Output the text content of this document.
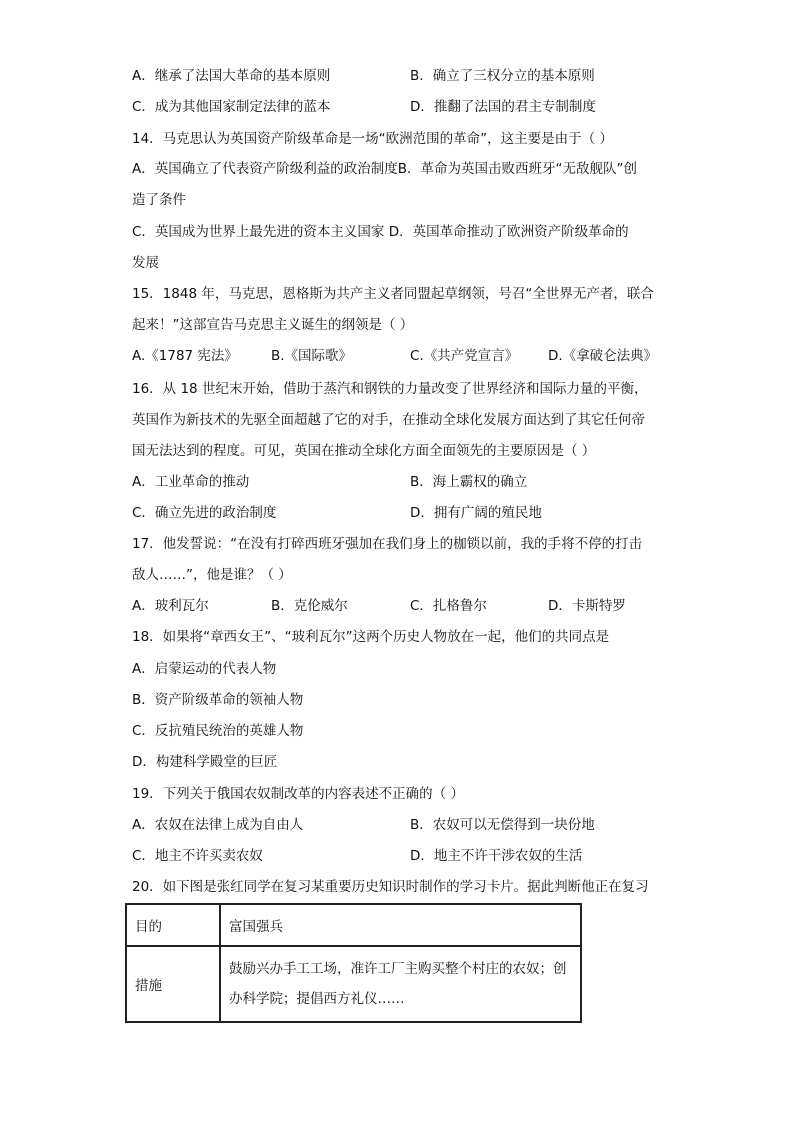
A．继承了法国大革命的基本原则	B．确立了三权分立的基本原则
C．成为其他国家制定法律的蓝本	D．推翻了法国的君主专制制度
14．马克思认为英国资产阶级革命是一场“欧洲范围的革命”，这主要是由于（ ）
A．英国确立了代表资产阶级利益的政治制度B．革命为英国击败西班牙“无敌舰队”创
造了条件
C．英国成为世界上最先进的资本主义国家 D．英国革命推动了欧洲资产阶级革命的
发展
15．1848 年，马克思，恩格斯为共产主义者同盟起草纲领，号召“全世界无产者，联合
起来！”这部宣告马克思主义诞生的纲领是（ ）
A.《1787 宪法》 B.《国际歌》	C.《共产党宣言》 D.《拿破仑法典》
16．从 18 世纪末开始，借助于蒸汽和钢铁的力量改变了世界经济和国际力量的平衡，
英国作为新技术的先驱全面超越了它的对手，在推动全球化发展方面达到了其它任何帝
国无法达到的程度。可见，英国在推动全球化方面全面领先的主要原因是（ ）
A．工业革命的推动	B．海上霸权的确立
C．确立先进的政治制度	D．拥有广阔的殖民地
17．他发誓说：“在没有打碎西班牙强加在我们身上的枷锁以前，我的手将不停的打击
敌人……”，他是谁？（ ）
A．玻利瓦尔	B．克伦威尔	C．扎格鲁尔	D．卡斯特罗
18．如果将“章西女王”、“玻利瓦尔”这两个历史人物放在一起，他们的共同点是
A．启蒙运动的代表人物
B．资产阶级革命的领袖人物
C．反抗殖民统治的英雄人物
D．构建科学殿堂的巨匠
19．下列关于俄国农奴制改革的内容表述不正确的（ ）
A．农奴在法律上成为自由人	B．农奴可以无偿得到一块份地
C．地主不许买卖农奴	D．地主不许干涉农奴的生活
20．如下图是张红同学在复习某重要历史知识时制作的学习卡片。据此判断他正在复习
目的	富国强兵
措施	鼓励兴办手工工场，准许工厂主购买整个村庄的农奴；创
办科学院；提倡西方礼仪……
